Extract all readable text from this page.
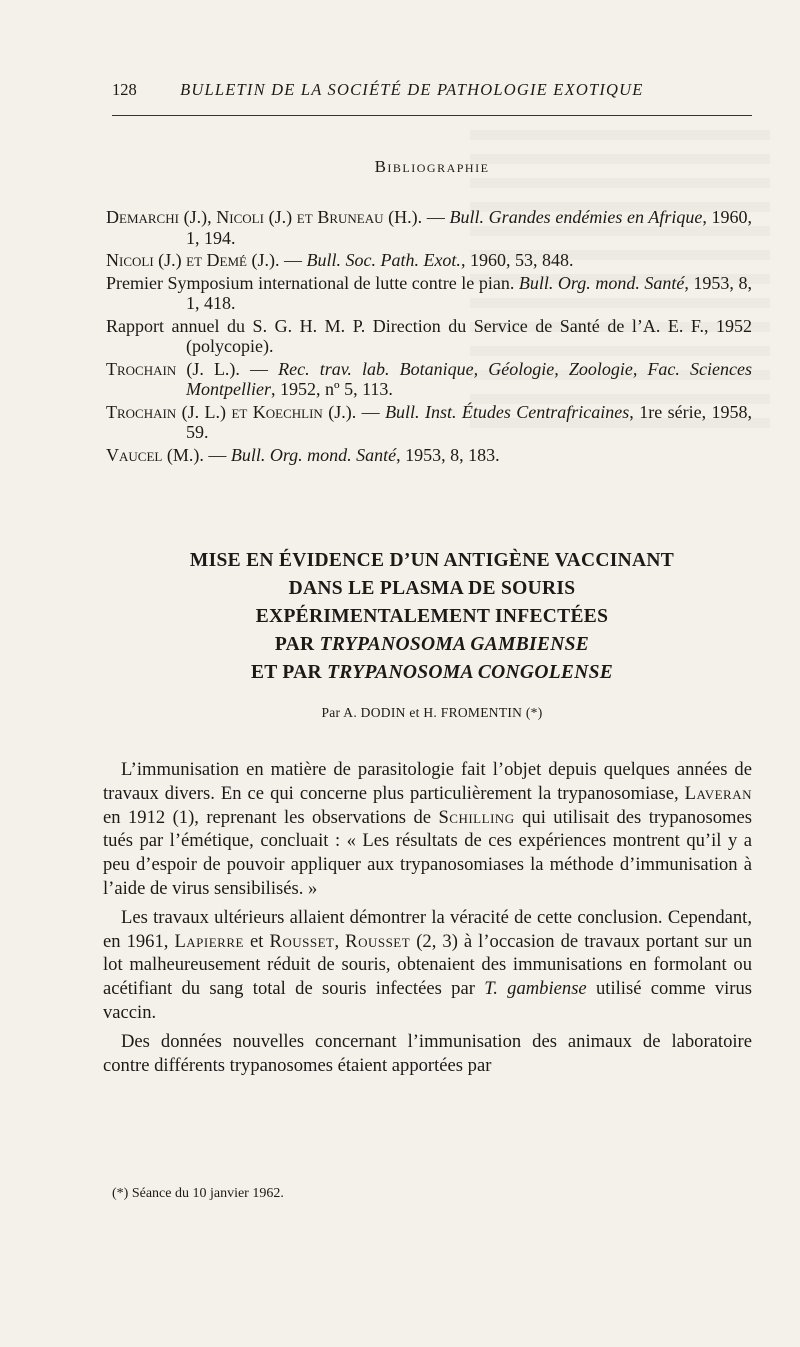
128	BULLETIN DE LA SOCIÉTÉ DE PATHOLOGIE EXOTIQUE
Bibliographie
Demarchi (J.), Nicoli (J.) et Bruneau (H.). — Bull. Grandes endémies en Afrique, 1960, 1, 194.
Nicoli (J.) et Demé (J.). — Bull. Soc. Path. Exot., 1960, 53, 848.
Premier Symposium international de lutte contre le pian. Bull. Org. mond. Santé, 1953, 8, 1, 418.
Rapport annuel du S. G. H. M. P. Direction du Service de Santé de l’A. E. F., 1952 (polycopie).
Trochain (J. L.). — Rec. trav. lab. Botanique, Géologie, Zoologie, Fac. Sciences Montpellier, 1952, nº 5, 113.
Trochain (J. L.) et Koechlin (J.). — Bull. Inst. Études Centrafricaines, 1re série, 1958, 59.
Vaucel (M.). — Bull. Org. mond. Santé, 1953, 8, 183.
MISE EN ÉVIDENCE D’UN ANTIGÈNE VACCINANT
DANS LE PLASMA DE SOURIS
EXPÉRIMENTALEMENT INFECTÉES
PAR TRYPANOSOMA GAMBIENSE
ET PAR TRYPANOSOMA CONGOLENSE
Par A. DODIN et H. FROMENTIN (*)

L’immunisation en matière de parasitologie fait l’objet depuis quelques années de travaux divers. En ce qui concerne plus particulièrement la trypanosomiase, Laveran en 1912 (1), reprenant les observations de Schilling qui utilisait des trypanosomes tués par l’émétique, concluait : « Les résultats de ces expériences montrent qu’il y a peu d’espoir de pouvoir appliquer aux trypanosomiases la méthode d’immunisation à l’aide de virus sensibilisés. »

Les travaux ultérieurs allaient démontrer la véracité de cette conclusion. Cependant, en 1961, Lapierre et Rousset, Rousset (2, 3) à l’occasion de travaux portant sur un lot malheureusement réduit de souris, obtenaient des immunisations en formolant ou acétifiant du sang total de souris infectées par T. gambiense utilisé comme virus vaccin.

Des données nouvelles concernant l’immunisation des animaux de laboratoire contre différents trypanosomes étaient apportées par

(*) Séance du 10 janvier 1962.
